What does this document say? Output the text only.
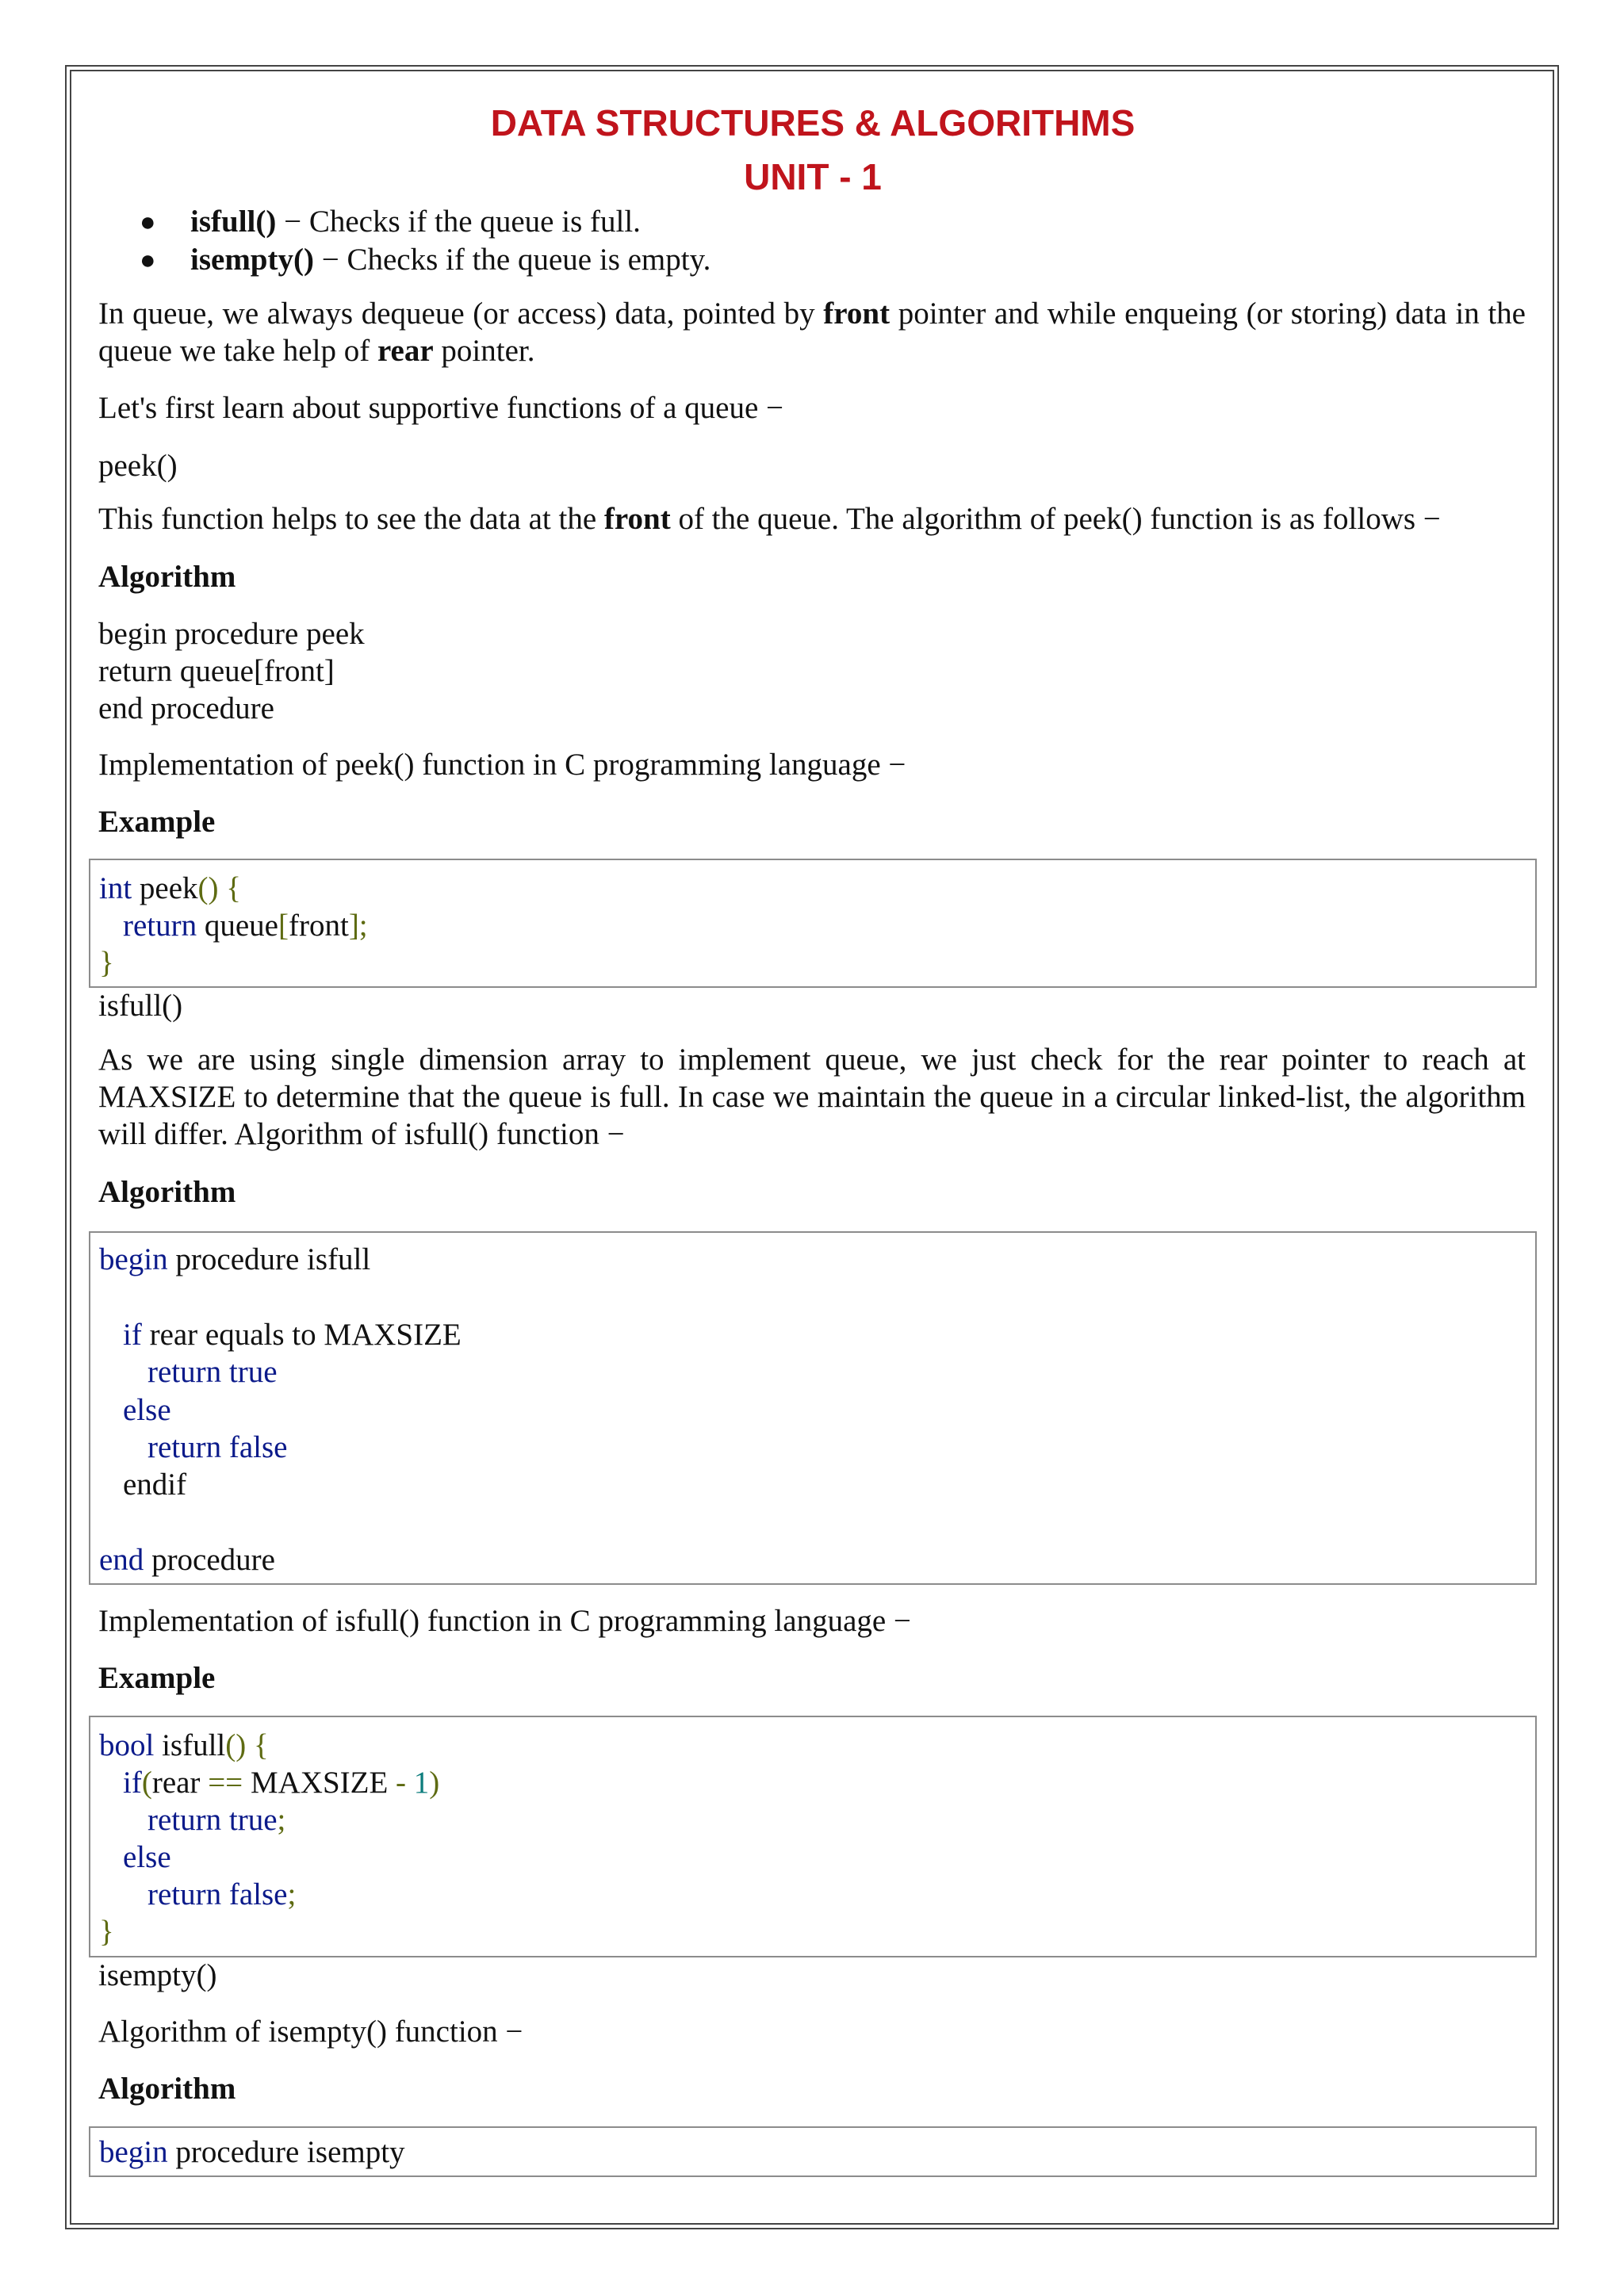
DATA STRUCTURES & ALGORITHMS
UNIT - 1
● isfull() − Checks if the queue is full.
● isempty() − Checks if the queue is empty.
In queue, we always dequeue (or access) data, pointed by front pointer and while enqueing (or storing) data in the queue we take help of rear pointer.
Let's first learn about supportive functions of a queue −
peek()
This function helps to see the data at the front of the queue. The algorithm of peek() function is as follows −
Algorithm
begin procedure peek
return queue[front]
end procedure
Implementation of peek() function in C programming language −
Example
int peek() {
return queue[front];
}
isfull()
As we are using single dimension array to implement queue, we just check for the rear pointer to reach at MAXSIZE to determine that the queue is full. In case we maintain the queue in a circular linked-list, the algorithm will differ. Algorithm of isfull() function −
Algorithm
begin procedure isfull
if rear equals to MAXSIZE
return true
else
return false
endif
end procedure
Implementation of isfull() function in C programming language −
Example
bool isfull() {
if(rear == MAXSIZE - 1)
return true;
else
return false;
}
isempty()
Algorithm of isempty() function −
Algorithm
begin procedure isempty
